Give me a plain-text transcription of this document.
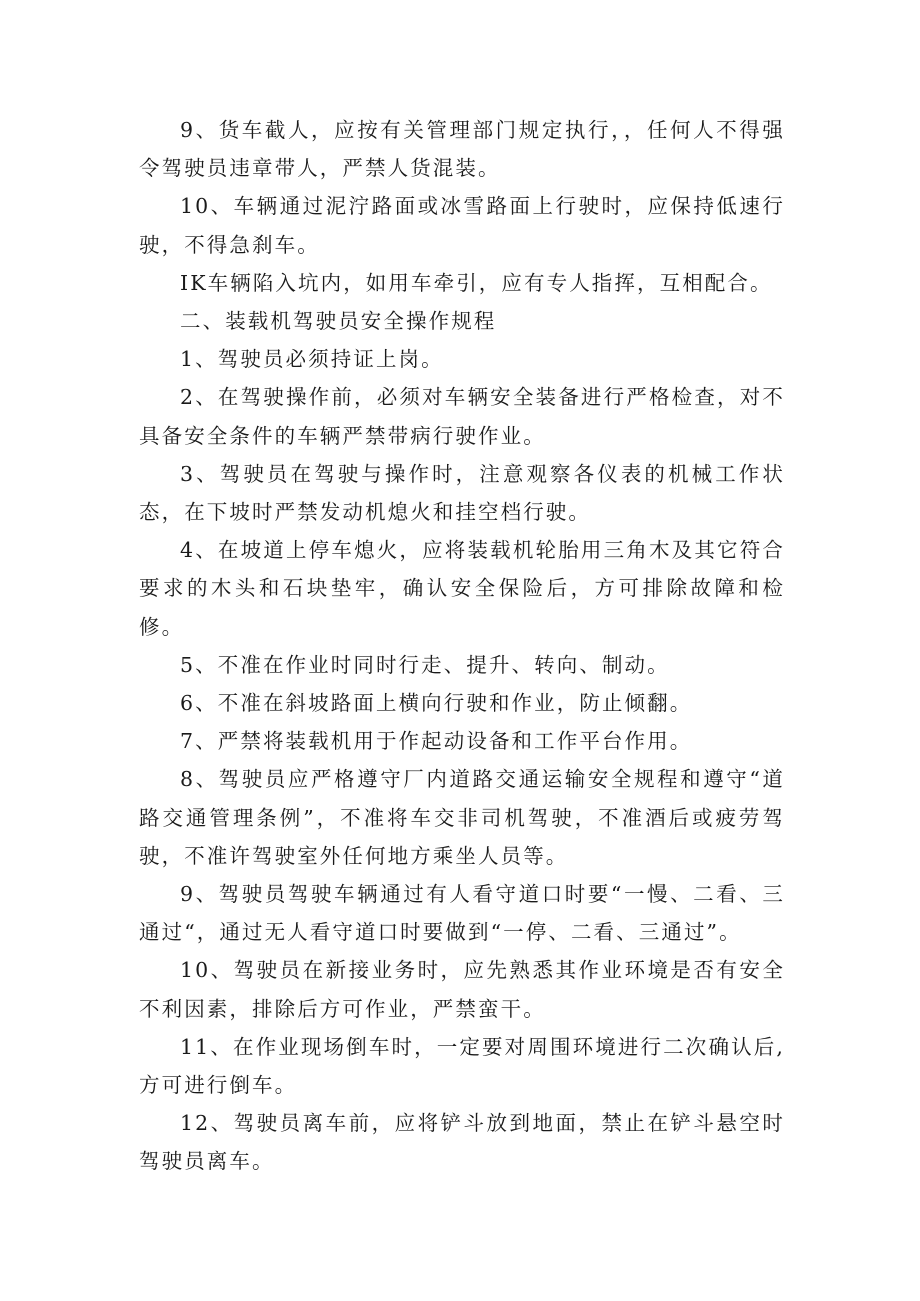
9、货车截人，应按有关管理部门规定执行，，任何人不得强令驾驶员违章带人，严禁人货混装。

10、车辆通过泥泞路面或冰雪路面上行驶时，应保持低速行驶，不得急刹车。

IK车辆陷入坑内，如用车牵引，应有专人指挥，互相配合。

二、装载机驾驶员安全操作规程

1、驾驶员必须持证上岗。

2、在驾驶操作前，必须对车辆安全装备进行严格检查，对不具备安全条件的车辆严禁带病行驶作业。

3、驾驶员在驾驶与操作时，注意观察各仪表的机械工作状态，在下坡时严禁发动机熄火和挂空档行驶。

4、在坡道上停车熄火，应将装载机轮胎用三角木及其它符合要求的木头和石块垫牢，确认安全保险后，方可排除故障和检修。

5、不准在作业时同时行走、提升、转向、制动。

6、不准在斜坡路面上横向行驶和作业，防止倾翻。

7、严禁将装载机用于作起动设备和工作平台作用。

8、驾驶员应严格遵守厂内道路交通运输安全规程和遵守“道路交通管理条例”，不准将车交非司机驾驶，不准酒后或疲劳驾驶，不准许驾驶室外任何地方乘坐人员等。

9、驾驶员驾驶车辆通过有人看守道口时要“一慢、二看、三通过“，通过无人看守道口时要做到“一停、二看、三通过”。

10、驾驶员在新接业务时，应先熟悉其作业环境是否有安全不利因素，排除后方可作业，严禁蛮干。

11、在作业现场倒车时，一定要对周围环境进行二次确认后,方可进行倒车。

12、驾驶员离车前，应将铲斗放到地面，禁止在铲斗悬空时驾驶员离车。
